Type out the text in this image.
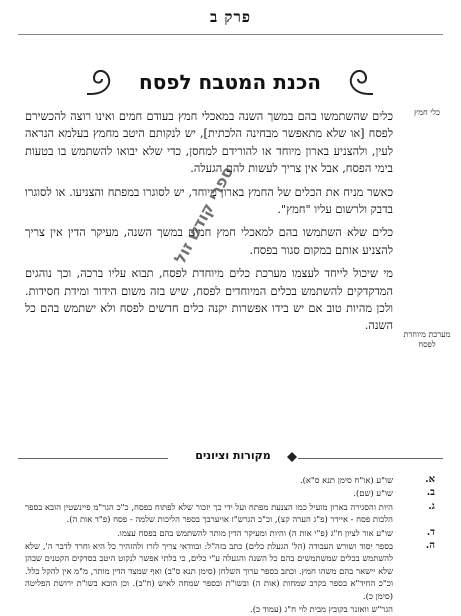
פרק ב
הכנת המטבח לפסח
כלי חמץ
מערכת מיוחדת לפסח

כלים שהשתמשו בהם במשך השנה במאכלי חמץ בעודם חמים ואינו רוצה להכשירם לפסח [או שלא מתאפשר מבחינה הלכתית], יש לנקותם היטב מחמץ בעלמא הנראה לעין, ולהצניע בארון מיוחד או להורידם למחסן, כדי שלא יבואו להשתמש בו בטעות בימי הפסח, אבל אין צריך לעשות להם הגעלה.

כאשר מניח את הכלים של החמץ בארון מיוחד, יש לסוגרו במפתח והצניעו. או לסוגרו בדבק ולרשום עליו "חמץ".

כלים שלא השתמשו בהם למאכלי חמץ חמים במשך השנה, מעיקר הדין אין צריך להצניע אותם במקום סגור בפסח.

מי שיכול לייחד לעצמו מערכת כלים מיוחדת לפסח, תבוא עליו ברכה, וכך נוהגים המדקדקים להשתמש בכלים המיוחדים לפסח, שיש בזה משום הידור ומידת חסידות. ולכן מהיות טוב אם יש בידו אפשרות יקנה כלים חדשים לפסח ולא ישתמש בהם כל השנה.

ספרי קודש זול
מקורות וציונים
א.
שו"ע (או"ח סימן תנא ס"א).
ב.
שו"ע (שם).
ג.
היות והסגירה בארון מועיל כמו הצנעת מפתח ועל ידי כך יזכור שלא לפתוח בפסח, כ"כ הגר"מ פיינשטין הובא בספר הלכות פסח - איידר (פ"ג הערה קצ), וכ"כ הגרש"ז אויערבך בספר הליכות שלמה - פסח (פ"ד אות ה).
ד.
שו"ע אור לציון ח"ג (פ"י אות ה) והיות ומעיקר הדין מותר להשתמש בהם בפסח עצמו.
ה.
בספר יסוד ושורש העבודה (הל' הגעלת כלים) כתב בזה"ל: ובוודאי צריך לזרז ולהזהיר כל היא וחרד לדבר ה', שלא להשתמש בכלים שמשתמשים בהם כל השנה והגעלה ע"י כלים, כי בלתי אפשר לנקוט היטב בסדקים הקטנים שבהן שלא יישאר בהם משהו חמץ. וכתב בספר ערוך השלחן (סימן תנא ס"ב) ואף שמצד הדין מותר, מ"מ אין להקל כלל. וכ"כ החיד"א בספר בקרב שמחות (אות ה) ובשו"ת ובספר שמחה לאיש (ח"ב). וכן הובא בשו"ת ירושת הפליטה (סימן כ).
הגר"ש וואזנר בקובץ מבית לוי ח"ג (עמוד כ).
